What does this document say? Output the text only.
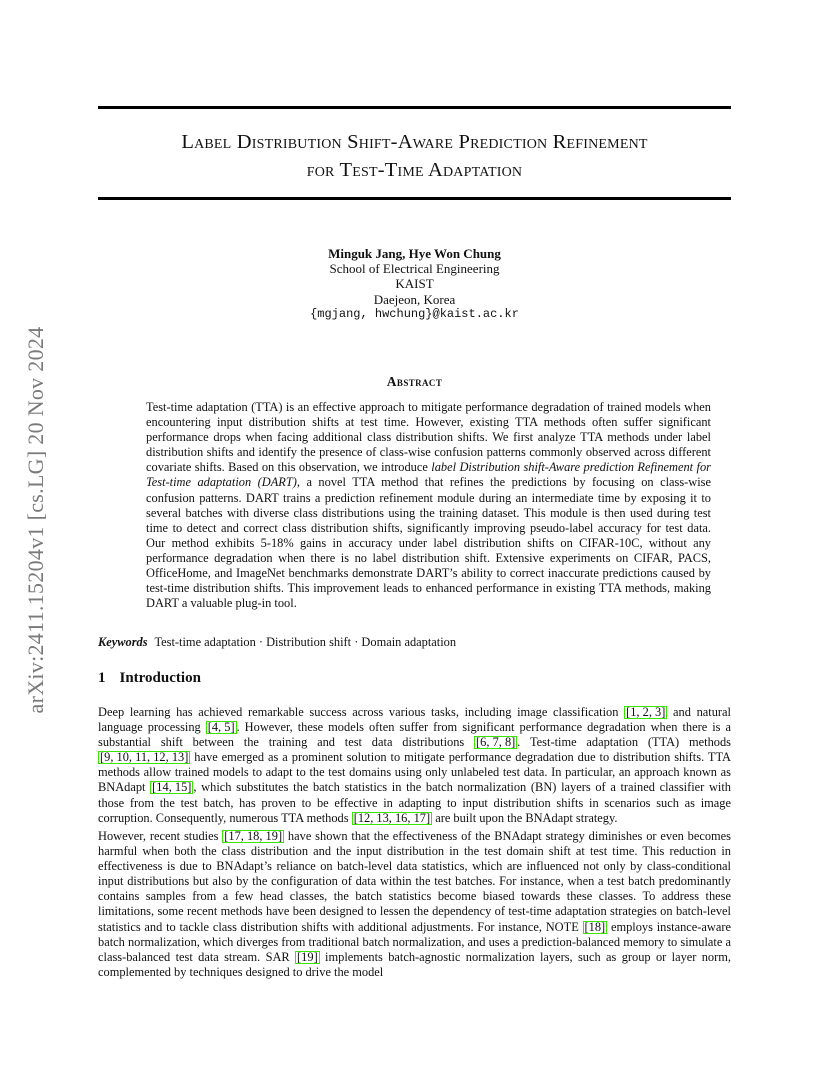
Label Distribution Shift-Aware Prediction Refinement
for Test-Time Adaptation
arXiv:2411.15204v1 [cs.LG] 20 Nov 2024
Minguk Jang, Hye Won Chung
School of Electrical Engineering
KAIST
Daejeon, Korea
{mgjang, hwchung}@kaist.ac.kr
Abstract
Test-time adaptation (TTA) is an effective approach to mitigate performance degradation of trained models when encountering input distribution shifts at test time. However, existing TTA methods often suffer significant performance drops when facing additional class distribution shifts. We first analyze TTA methods under label distribution shifts and identify the presence of class-wise confusion patterns commonly observed across different covariate shifts. Based on this observation, we introduce label Distribution shift-Aware prediction Refinement for Test-time adaptation (DART), a novel TTA method that refines the predictions by focusing on class-wise confusion patterns. DART trains a prediction refinement module during an intermediate time by exposing it to several batches with diverse class distributions using the training dataset. This module is then used during test time to detect and correct class distribution shifts, significantly improving pseudo-label accuracy for test data. Our method exhibits 5-18% gains in accuracy under label distribution shifts on CIFAR-10C, without any performance degradation when there is no label distribution shift. Extensive experiments on CIFAR, PACS, OfficeHome, and ImageNet benchmarks demonstrate DART’s ability to correct inaccurate predictions caused by test-time distribution shifts. This improvement leads to enhanced performance in existing TTA methods, making DART a valuable plug-in tool.
Keywords Test-time adaptation · Distribution shift · Domain adaptation
1 Introduction
Deep learning has achieved remarkable success across various tasks, including image classification [1, 2, 3] and natural language processing [4, 5] . However, these models often suffer from significant performance degradation when there is a substantial shift between the training and test data distributions [6, 7, 8] . Test-time adaptation (TTA) methods [9, 10, 11, 12, 13] have emerged as a prominent solution to mitigate performance degradation due to distribution shifts. TTA methods allow trained models to adapt to the test domains using only unlabeled test data. In particular, an approach known as BNAdapt [14, 15] , which substitutes the batch statistics in the batch normalization (BN) layers of a trained classifier with those from the test batch, has proven to be effective in adapting to input distribution shifts in scenarios such as image corruption. Consequently, numerous TTA methods [12, 13, 16, 17] are built upon the BNAdapt strategy.
However, recent studies [17, 18, 19] have shown that the effectiveness of the BNAdapt strategy diminishes or even becomes harmful when both the class distribution and the input distribution in the test domain shift at test time. This reduction in effectiveness is due to BNAdapt’s reliance on batch-level data statistics, which are influenced not only by class-conditional input distributions but also by the configuration of data within the test batches. For instance, when a test batch predominantly contains samples from a few head classes, the batch statistics become biased towards these classes. To address these limitations, some recent methods have been designed to lessen the dependency of test-time adaptation strategies on batch-level statistics and to tackle class distribution shifts with additional adjustments. For instance, NOTE [18] employs instance-aware batch normalization, which diverges from traditional batch normalization, and uses a prediction-balanced memory to simulate a class-balanced test data stream. SAR [19] implements batch-agnostic normalization layers, such as group or layer norm, complemented by techniques designed to drive the model
